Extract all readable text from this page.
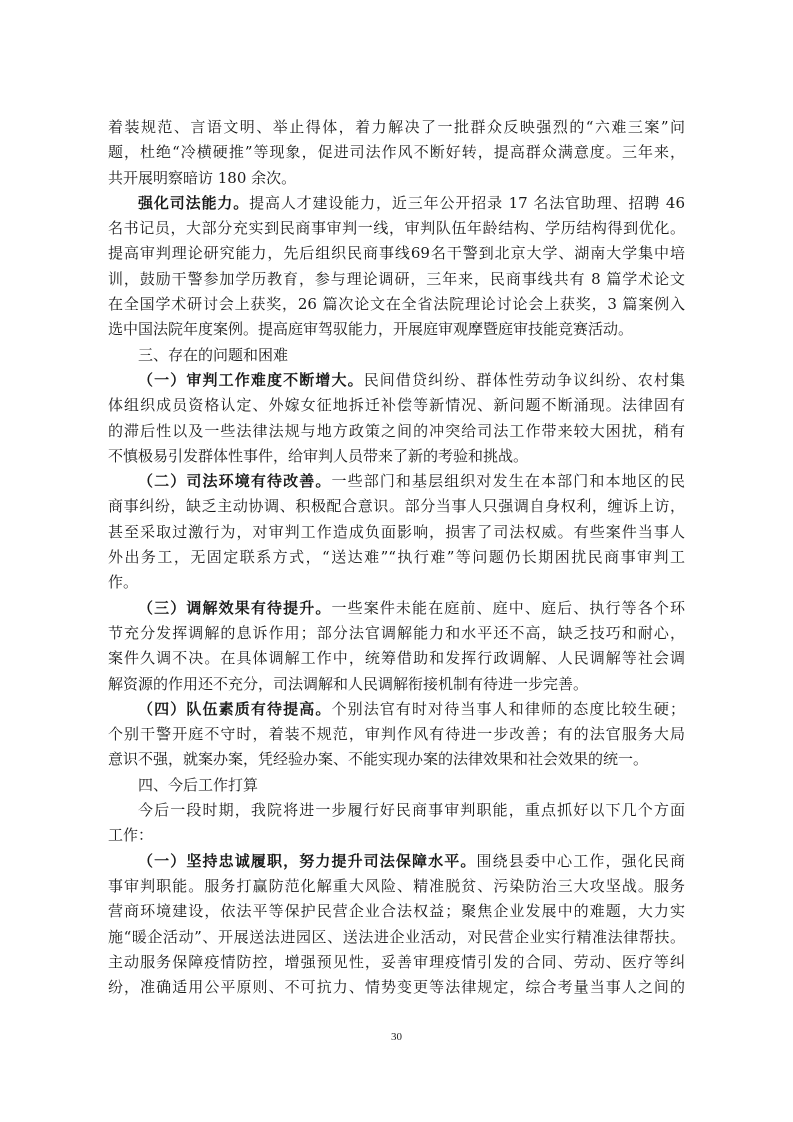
着装规范、言语文明、举止得体，着力解决了一批群众反映强烈的“六难三案”问
题，杜绝“冷横硬推”等现象，促进司法作风不断好转，提高群众满意度。三年来，
共开展明察暗访 180 余次。
强化司法能力。提高人才建设能力，近三年公开招录 17 名法官助理、招聘 46
名书记员，大部分充实到民商事审判一线，审判队伍年龄结构、学历结构得到优化。
提高审判理论研究能力，先后组织民商事线69名干警到北京大学、湖南大学集中培
训，鼓励干警参加学历教育，参与理论调研，三年来，民商事线共有 8 篇学术论文
在全国学术研讨会上获奖，26 篇次论文在全省法院理论讨论会上获奖，3 篇案例入
选中国法院年度案例。提高庭审驾驭能力，开展庭审观摩暨庭审技能竞赛活动。
三、存在的问题和困难
（一）审判工作难度不断增大。民间借贷纠纷、群体性劳动争议纠纷、农村集
体组织成员资格认定、外嫁女征地拆迁补偿等新情况、新问题不断涌现。法律固有
的滞后性以及一些法律法规与地方政策之间的冲突给司法工作带来较大困扰，稍有
不慎极易引发群体性事件，给审判人员带来了新的考验和挑战。
（二）司法环境有待改善。一些部门和基层组织对发生在本部门和本地区的民
商事纠纷，缺乏主动协调、积极配合意识。部分当事人只强调自身权利，缠诉上访，
甚至采取过激行为，对审判工作造成负面影响，损害了司法权威。有些案件当事人
外出务工，无固定联系方式，“送达难”“执行难”等问题仍长期困扰民商事审判工
作。
（三）调解效果有待提升。一些案件未能在庭前、庭中、庭后、执行等各个环
节充分发挥调解的息诉作用；部分法官调解能力和水平还不高，缺乏技巧和耐心，
案件久调不决。在具体调解工作中，统筹借助和发挥行政调解、人民调解等社会调
解资源的作用还不充分，司法调解和人民调解衔接机制有待进一步完善。
（四）队伍素质有待提高。个别法官有时对待当事人和律师的态度比较生硬；
个别干警开庭不守时，着装不规范，审判作风有待进一步改善；有的法官服务大局
意识不强，就案办案，凭经验办案、不能实现办案的法律效果和社会效果的统一。
四、今后工作打算
今后一段时期，我院将进一步履行好民商事审判职能，重点抓好以下几个方面
工作：
（一）坚持忠诚履职，努力提升司法保障水平。围绕县委中心工作，强化民商
事审判职能。服务打赢防范化解重大风险、精准脱贫、污染防治三大攻坚战。服务
营商环境建设，依法平等保护民营企业合法权益；聚焦企业发展中的难题，大力实
施“暖企活动”、开展送法进园区、送法进企业活动，对民营企业实行精准法律帮扶。
主动服务保障疫情防控，增强预见性，妥善审理疫情引发的合同、劳动、医疗等纠
纷，准确适用公平原则、不可抗力、情势变更等法律规定，综合考量当事人之间的
30
